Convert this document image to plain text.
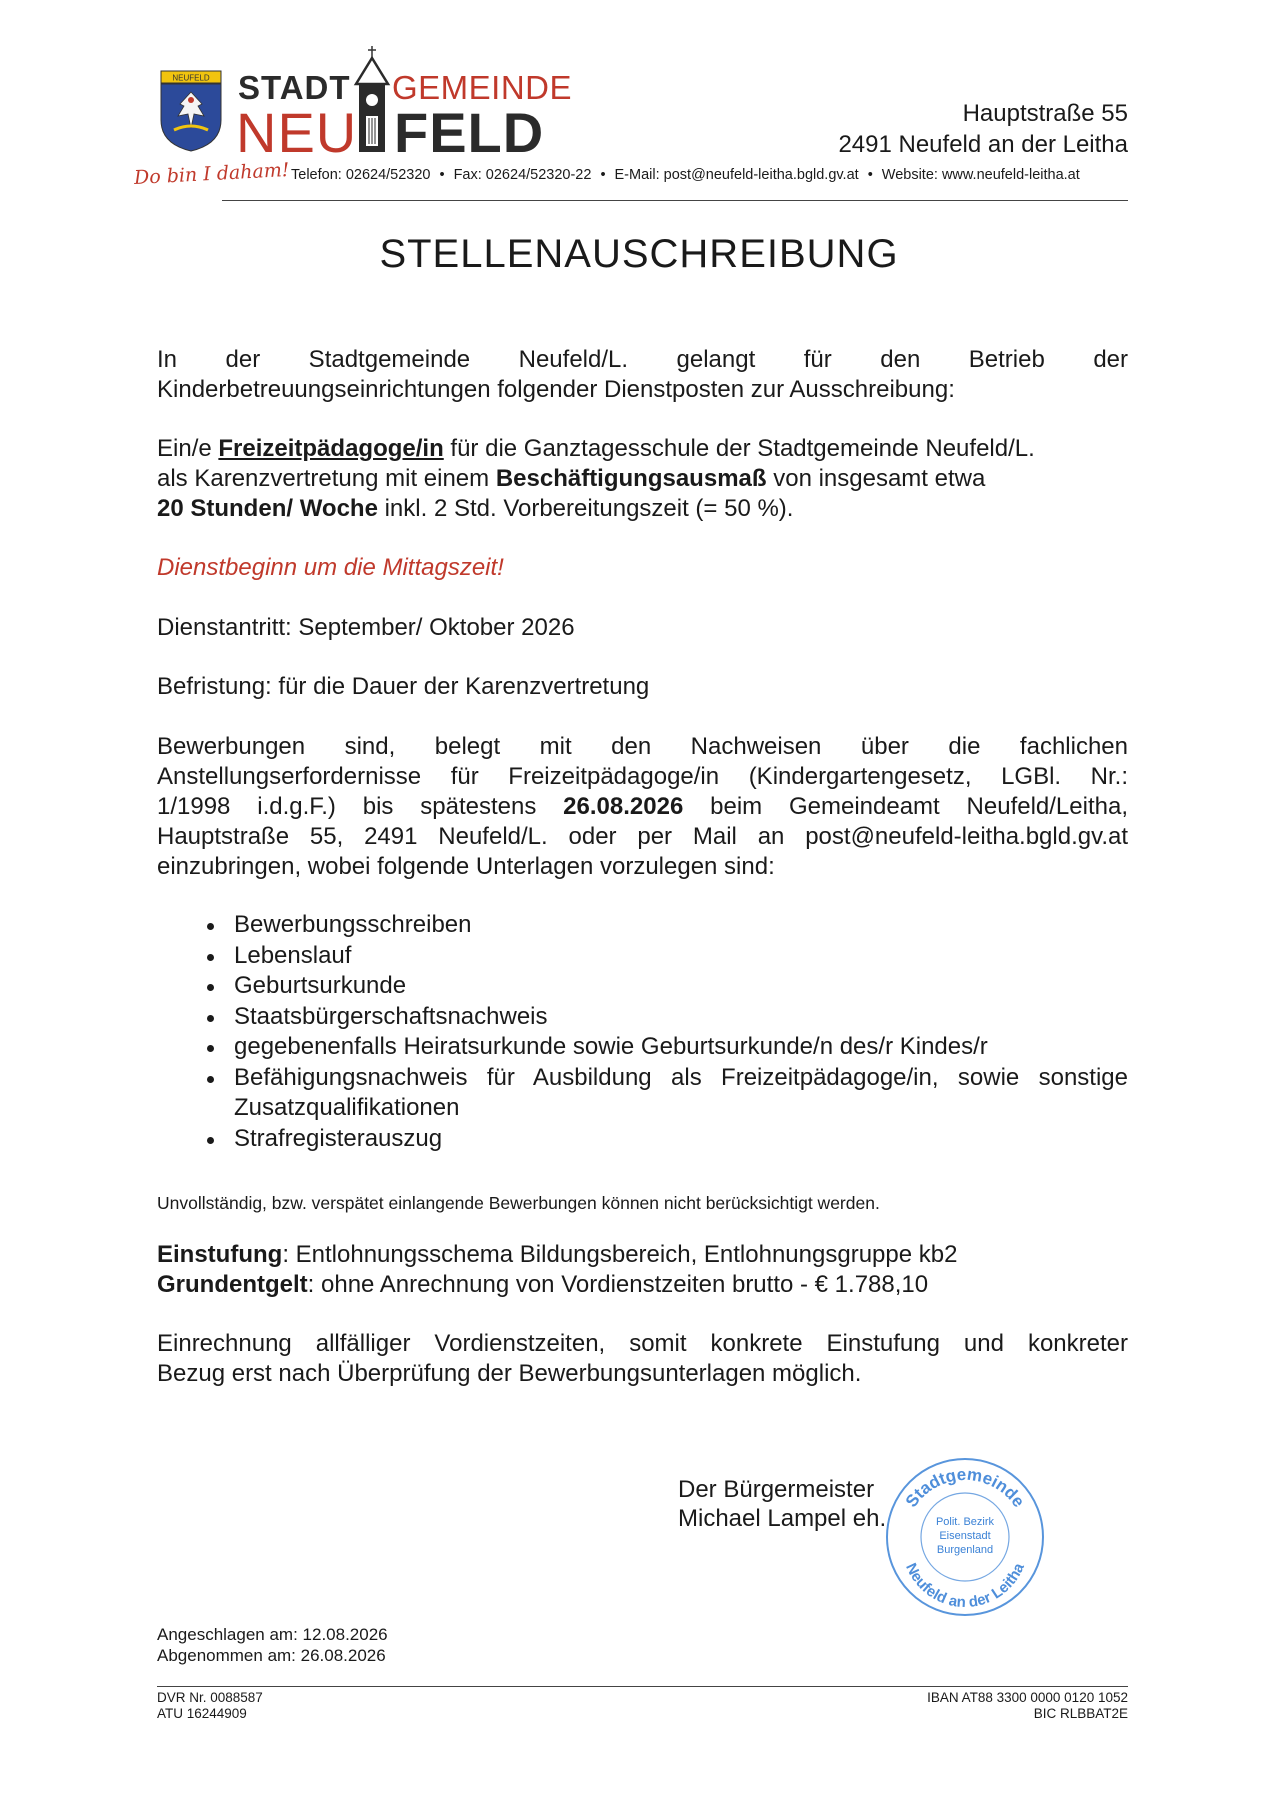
NEUFELD STADT GEMEINDE
NEU FELD	Hauptstraße 55
2491 Neufeld an der Leitha
Do bin I daham! Telefon: 02624/52320 • Fax: 02624/52320-22 • E-Mail: post@neufeld-leitha.bgld.gv.at • Website: www.neufeld-leitha.at
STELLENAUSCHREIBUNG
In der Stadtgemeinde Neufeld/L. gelangt für den Betrieb der
Kinderbetreuungseinrichtungen folgender Dienstposten zur Ausschreibung:
Ein/e Freizeitpädagoge/in für die Ganztagesschule der Stadtgemeinde Neufeld/L.
als Karenzvertretung mit einem Beschäftigungsausmaß von insgesamt etwa
20 Stunden/ Woche inkl. 2 Std. Vorbereitungszeit (= 50 %).
Dienstbeginn um die Mittagszeit!
Dienstantritt: September/ Oktober 2026
Befristung: für die Dauer der Karenzvertretung
Bewerbungen sind, belegt mit den Nachweisen über die fachlichen
Anstellungserfordernisse für Freizeitpädagoge/in (Kindergartengesetz, LGBl. Nr.:
1/1998 i.d.g.F.) bis spätestens 26.08.2026 beim Gemeindeamt Neufeld/Leitha,
Hauptstraße 55, 2491 Neufeld/L. oder per Mail an post@neufeld-leitha.bgld.gv.at
einzubringen, wobei folgende Unterlagen vorzulegen sind:
Bewerbungsschreiben
Lebenslauf
Geburtsurkunde
Staatsbürgerschaftsnachweis
gegebenenfalls Heiratsurkunde sowie Geburtsurkunde/n des/r Kindes/r
Befähigungsnachweis für Ausbildung als Freizeitpädagoge/in, sowie sonstige Zusatzqualifikationen
Strafregisterauszug
Unvollständig, bzw. verspätet einlangende Bewerbungen können nicht berücksichtigt werden.
Einstufung: Entlohnungsschema Bildungsbereich, Entlohnungsgruppe kb2
Grundentgelt: ohne Anrechnung von Vordienstzeiten brutto - € 1.788,10
Einrechnung allfälliger Vordienstzeiten, somit konkrete Einstufung und konkreter
Bezug erst nach Überprüfung der Bewerbungsunterlagen möglich.
Der Bürgermeister
Michael Lampel eh.
Stadtgemeinde
Neufeld an der Leitha
Polit. Bezirk
Eisenstadt
Burgenland
Angeschlagen am: 12.08.2026
Abgenommen am: 26.08.2026
DVR Nr. 0088587
ATU 16244909
IBAN AT88 3300 0000 0120 1052
BIC RLBBAT2E
